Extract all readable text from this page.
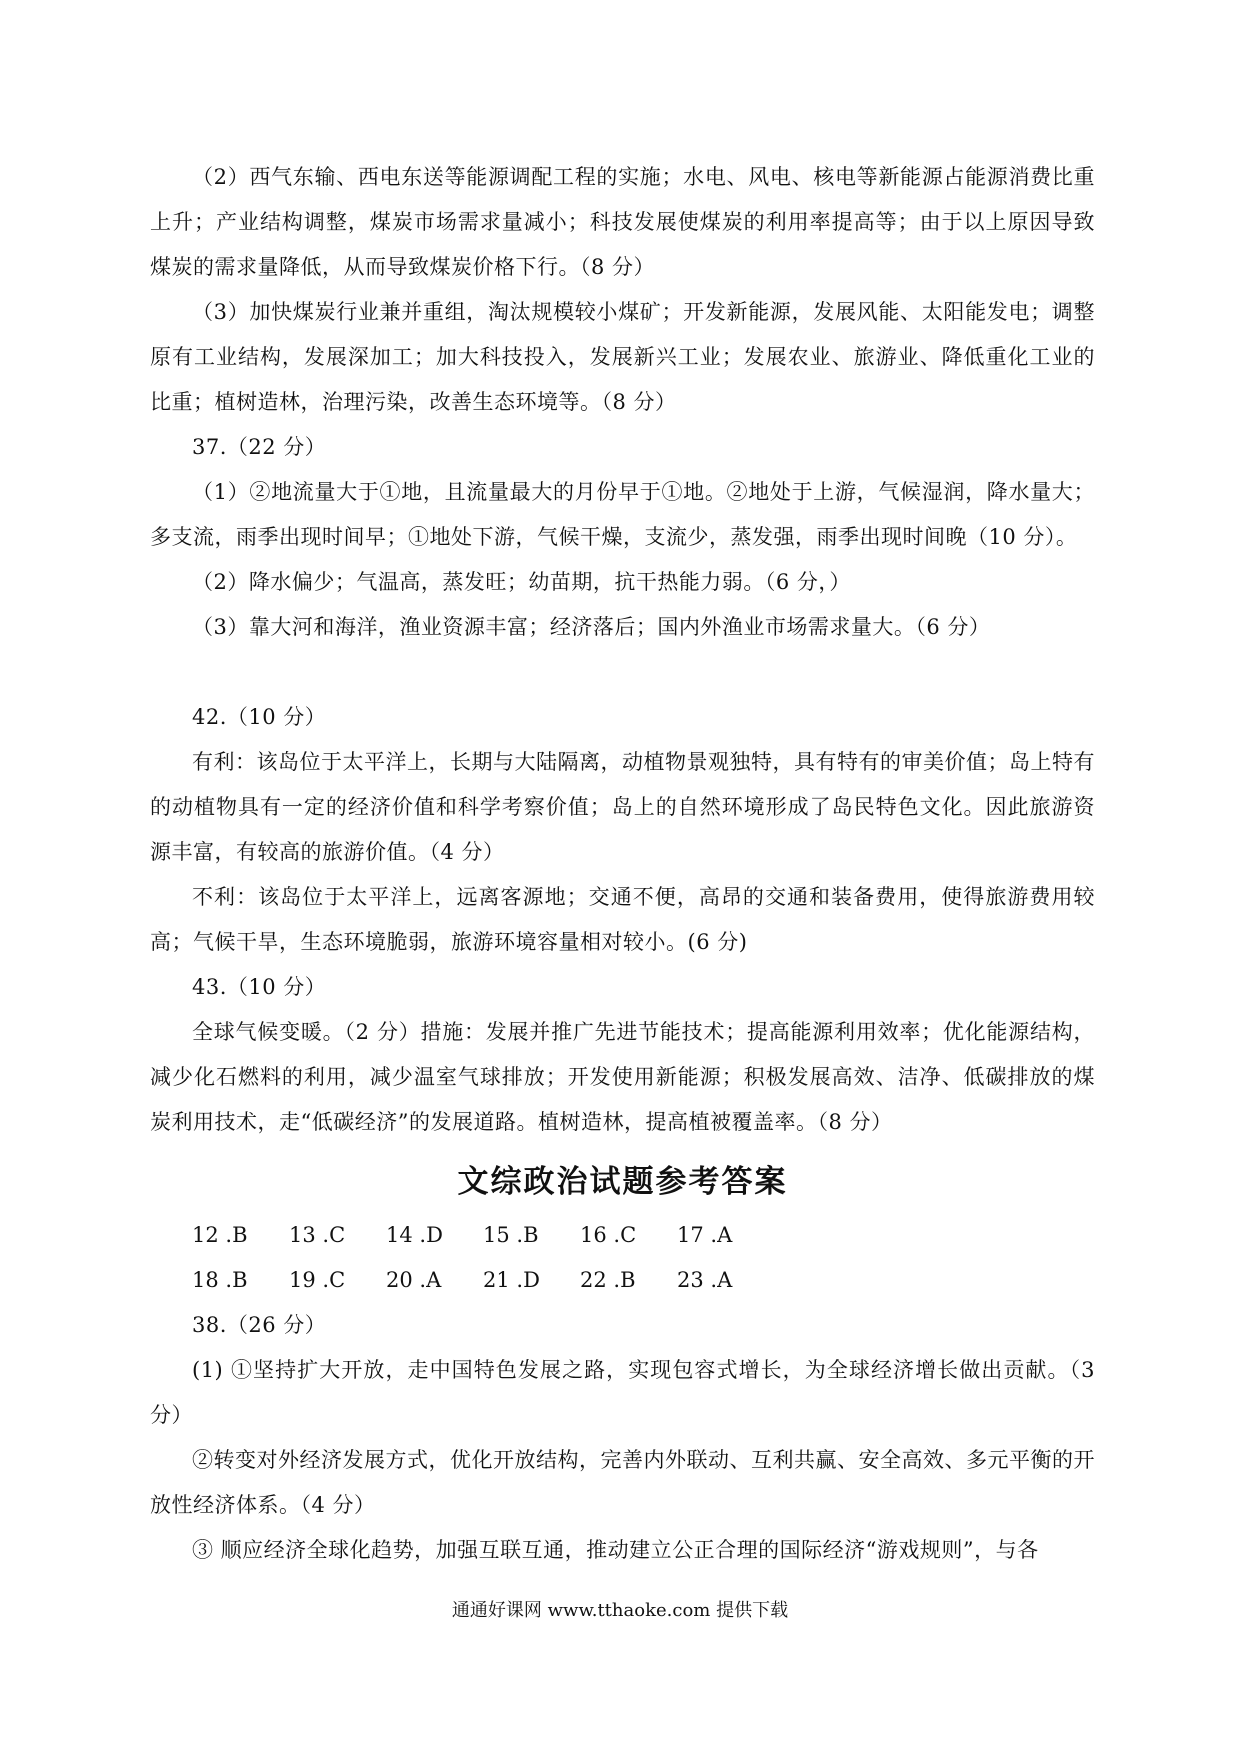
（2）西气东输、西电东送等能源调配工程的实施；水电、风电、核电等新能源占能源消费比重上升；产业结构调整，煤炭市场需求量减小；科技发展使煤炭的利用率提高等；由于以上原因导致煤炭的需求量降低，从而导致煤炭价格下行。（8 分）

（3）加快煤炭行业兼并重组，淘汰规模较小煤矿；开发新能源，发展风能、太阳能发电；调整原有工业结构，发展深加工；加大科技投入，发展新兴工业；发展农业、旅游业、降低重化工业的比重；植树造林，治理污染，改善生态环境等。（8 分）

37.（22 分）

（1）②地流量大于①地，且流量最大的月份早于①地。②地处于上游，气候湿润，降水量大；多支流，雨季出现时间早；①地处下游，气候干燥，支流少，蒸发强，雨季出现时间晚（10 分）。

（2）降水偏少；气温高，蒸发旺；幼苗期，抗干热能力弱。（6 分，）

（3）靠大河和海洋，渔业资源丰富；经济落后；国内外渔业市场需求量大。（6 分）

42.（10 分）

有利：该岛位于太平洋上，长期与大陆隔离，动植物景观独特，具有特有的审美价值；岛上特有的动植物具有一定的经济价值和科学考察价值；岛上的自然环境形成了岛民特色文化。因此旅游资源丰富，有较高的旅游价值。（4 分）

不利：该岛位于太平洋上，远离客源地；交通不便，高昂的交通和装备费用，使得旅游费用较高；气候干旱，生态环境脆弱，旅游环境容量相对较小。(6 分)

43.（10 分）

全球气候变暖。（2 分）措施：发展并推广先进节能技术；提高能源利用效率；优化能源结构，减少化石燃料的利用，减少温室气球排放；开发使用新能源；积极发展高效、洁净、低碳排放的煤炭利用技术，走“低碳经济”的发展道路。植树造林，提高植被覆盖率。（8 分）

文综政治试题参考答案
12 .B	13 .C	14 .D	15 .B	16 .C	17 .A
18 .B	19 .C	20 .A	21 .D	22 .B	23 .A

38.（26 分）

(1) ①坚持扩大开放，走中国特色发展之路，实现包容式增长，为全球经济增长做出贡献。（3 分）

②转变对外经济发展方式，优化开放结构，完善内外联动、互利共赢、安全高效、多元平衡的开放性经济体系。（4 分）

③ 顺应经济全球化趋势，加强互联互通，推动建立公正合理的国际经济“游戏规则”，与各

通通好课网 www.tthaoke.com 提供下载
